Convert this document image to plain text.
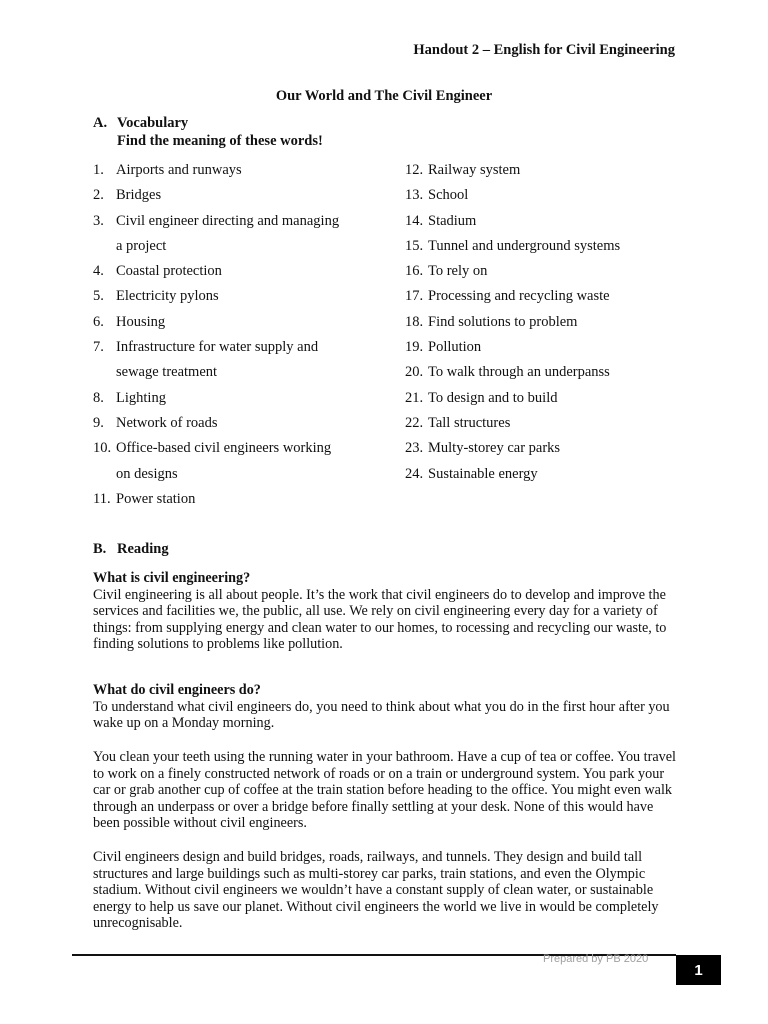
Handout 2 – English for Civil Engineering
Our World and The Civil Engineer
A. Vocabulary
Find the meaning of these words!
1. Airports and runways
2. Bridges
3. Civil engineer directing and managing
a project
4. Coastal protection
5. Electricity pylons
6. Housing
7. Infrastructure for water supply and
sewage treatment
8. Lighting
9. Network of roads
10. Office-based civil engineers working
on designs
11. Power station
12. Railway system
13. School
14. Stadium
15. Tunnel and underground systems
16. To rely on
17. Processing and recycling waste
18. Find solutions to problem
19. Pollution
20. To walk through an underpanss
21. To design and to build
22. Tall structures
23. Multy-storey car parks
24. Sustainable energy
B. Reading
What is civil engineering?

Civil engineering is all about people. It’s the work that civil engineers do to develop and improve the services and facilities we, the public, all use. We rely on civil engineering every day for a variety of things: from supplying energy and clean water to our homes, to rocessing and recycling our waste, to finding solutions to problems like pollution.

What do civil engineers do?

To understand what civil engineers do, you need to think about what you do in the first hour after you wake up on a Monday morning.

You clean your teeth using the running water in your bathroom. Have a cup of tea or coffee. You travel to work on a finely constructed network of roads or on a train or underground system. You park your car or grab another cup of coffee at the train station before heading to the office. You might even walk through an underpass or over a bridge before finally settling at your desk. None of this would have been possible without civil engineers.

Civil engineers design and build bridges, roads, railways, and tunnels. They design and build tall structures and large buildings such as multi-storey car parks, train stations, and even the Olympic stadium. Without civil engineers we wouldn’t have a constant supply of clean water, or sustainable energy to help us save our planet. Without civil engineers the world we live in would be completely unrecognisable.

Prepared by PB 2020
1
